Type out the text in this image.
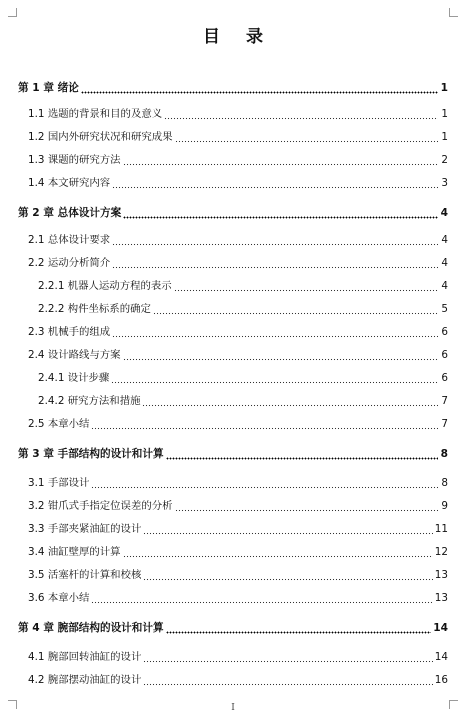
目 录
第 1 章 绪论	1
1.1 选题的背景和目的及意义	1
1.2 国内外研究状况和研究成果	1
1.3 课题的研究方法	2
1.4 本文研究内容	3
第 2 章 总体设计方案	4
2.1 总体设计要求	4
2.2 运动分析简介	4
2.2.1 机器人运动方程的表示	4
2.2.2 构件坐标系的确定	5
2.3 机械手的组成	6
2.4 设计路线与方案	6
2.4.1 设计步骤	6
2.4.2 研究方法和措施	7
2.5 本章小结	7
第 3 章 手部结构的设计和计算	8
3.1 手部设计	8
3.2 钳爪式手指定位误差的分析	9
3.3 手部夹紧油缸的设计	11
3.4 油缸壁厚的计算	12
3.5 活塞杆的计算和校核	13
3.6 本章小结	13
第 4 章 腕部结构的设计和计算	14
4.1 腕部回转油缸的设计	14
4.2 腕部摆动油缸的设计	16
I
